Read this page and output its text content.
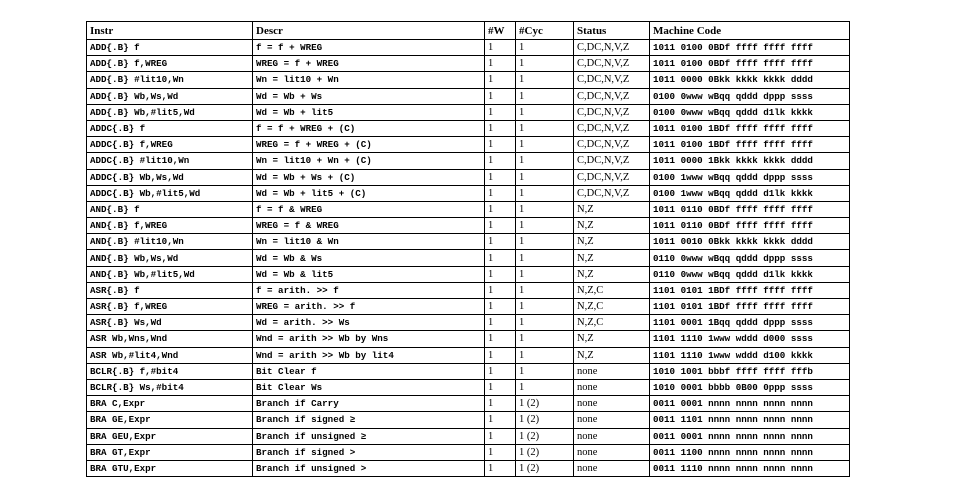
Instr	Descr	#W	#Cyc	Status	Machine Code
ADD{.B} f	f = f + WREG	1	1	C,DC,N,V,Z	1011 0100 0BDf ffff ffff ffff
ADD{.B} f,WREG	WREG = f + WREG	1	1	C,DC,N,V,Z	1011 0100 0BDf ffff ffff ffff
ADD{.B} #lit10,Wn	Wn = lit10 + Wn	1	1	C,DC,N,V,Z	1011 0000 0Bkk kkkk kkkk dddd
ADD{.B} Wb,Ws,Wd	Wd = Wb + Ws	1	1	C,DC,N,V,Z	0100 0www wBqq qddd dppp ssss
ADD{.B} Wb,#lit5,Wd	Wd = Wb + lit5	1	1	C,DC,N,V,Z	0100 0www wBqq qddd d1lk kkkk
ADDC{.B} f	f = f + WREG + (C)	1	1	C,DC,N,V,Z	1011 0100 1BDf ffff ffff ffff
ADDC{.B} f,WREG	WREG = f + WREG + (C)	1	1	C,DC,N,V,Z	1011 0100 1BDf ffff ffff ffff
ADDC{.B} #lit10,Wn	Wn = lit10 + Wn + (C)	1	1	C,DC,N,V,Z	1011 0000 1Bkk kkkk kkkk dddd
ADDC{.B} Wb,Ws,Wd	Wd = Wb + Ws + (C)	1	1	C,DC,N,V,Z	0100 1www wBqq qddd dppp ssss
ADDC{.B} Wb,#lit5,Wd	Wd = Wb + lit5 + (C)	1	1	C,DC,N,V,Z	0100 1www wBqq qddd d1lk kkkk
AND{.B} f	f = f & WREG	1	1	N,Z	1011 0110 0BDf ffff ffff ffff
AND{.B} f,WREG	WREG = f & WREG	1	1	N,Z	1011 0110 0BDf ffff ffff ffff
AND{.B} #lit10,Wn	Wn = lit10 & Wn	1	1	N,Z	1011 0010 0Bkk kkkk kkkk dddd
AND{.B} Wb,Ws,Wd	Wd = Wb & Ws	1	1	N,Z	0110 0www wBqq qddd dppp ssss
AND{.B} Wb,#lit5,Wd	Wd = Wb & lit5	1	1	N,Z	0110 0www wBqq qddd d1lk kkkk
ASR{.B} f	f = arith. >> f	1	1	N,Z,C	1101 0101 1BDf ffff ffff ffff
ASR{.B} f,WREG	WREG = arith. >> f	1	1	N,Z,C	1101 0101 1BDf ffff ffff ffff
ASR{.B} Ws,Wd	Wd = arith. >> Ws	1	1	N,Z,C	1101 0001 1Bqq qddd dppp ssss
ASR Wb,Wns,Wnd	Wnd = arith >> Wb by Wns	1	1	N,Z	1101 1110 1www wddd d000 ssss
ASR Wb,#lit4,Wnd	Wnd = arith >> Wb by lit4	1	1	N,Z	1101 1110 1www wddd d100 kkkk
BCLR{.B} f,#bit4	Bit Clear f	1	1	none	1010 1001 bbbf ffff ffff fffb
BCLR{.B} Ws,#bit4	Bit Clear Ws	1	1	none	1010 0001 bbbb 0B00 0ppp ssss
BRA C,Expr	Branch if Carry	1	1 (2)	none	0011 0001 nnnn nnnn nnnn nnnn
BRA GE,Expr	Branch if signed ≥	1	1 (2)	none	0011 1101 nnnn nnnn nnnn nnnn
BRA GEU,Expr	Branch if unsigned ≥	1	1 (2)	none	0011 0001 nnnn nnnn nnnn nnnn
BRA GT,Expr	Branch if signed >	1	1 (2)	none	0011 1100 nnnn nnnn nnnn nnnn
BRA GTU,Expr	Branch if unsigned >	1	1 (2)	none	0011 1110 nnnn nnnn nnnn nnnn
